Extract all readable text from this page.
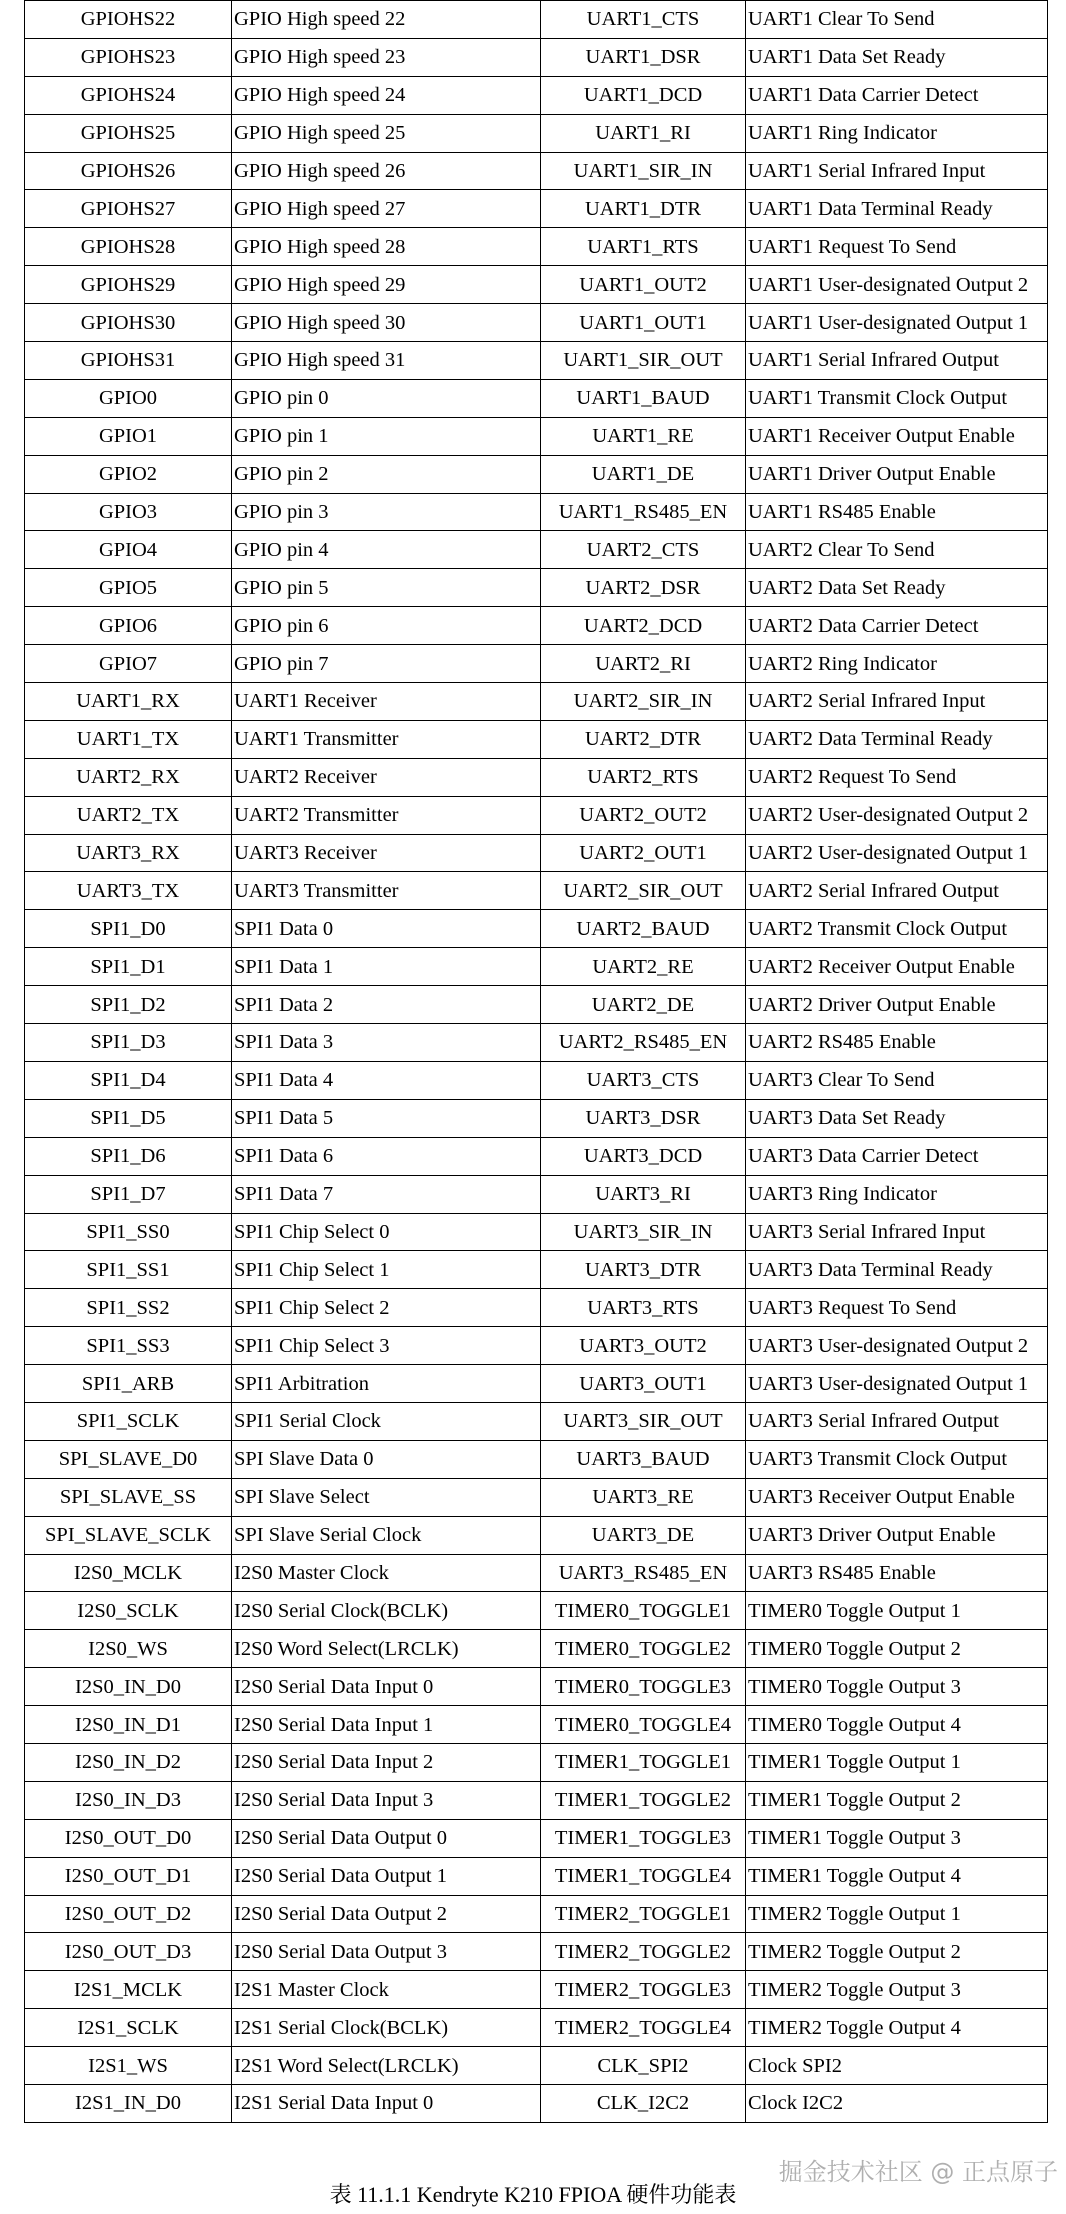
GPIOHS22	GPIO High speed 22	UART1_CTS	UART1 Clear To Send
GPIOHS23	GPIO High speed 23	UART1_DSR	UART1 Data Set Ready
GPIOHS24	GPIO High speed 24	UART1_DCD	UART1 Data Carrier Detect
GPIOHS25	GPIO High speed 25	UART1_RI	UART1 Ring Indicator
GPIOHS26	GPIO High speed 26	UART1_SIR_IN	UART1 Serial Infrared Input
GPIOHS27	GPIO High speed 27	UART1_DTR	UART1 Data Terminal Ready
GPIOHS28	GPIO High speed 28	UART1_RTS	UART1 Request To Send
GPIOHS29	GPIO High speed 29	UART1_OUT2	UART1 User-designated Output 2
GPIOHS30	GPIO High speed 30	UART1_OUT1	UART1 User-designated Output 1
GPIOHS31	GPIO High speed 31	UART1_SIR_OUT	UART1 Serial Infrared Output
GPIO0	GPIO pin 0	UART1_BAUD	UART1 Transmit Clock Output
GPIO1	GPIO pin 1	UART1_RE	UART1 Receiver Output Enable
GPIO2	GPIO pin 2	UART1_DE	UART1 Driver Output Enable
GPIO3	GPIO pin 3	UART1_RS485_EN	UART1 RS485 Enable
GPIO4	GPIO pin 4	UART2_CTS	UART2 Clear To Send
GPIO5	GPIO pin 5	UART2_DSR	UART2 Data Set Ready
GPIO6	GPIO pin 6	UART2_DCD	UART2 Data Carrier Detect
GPIO7	GPIO pin 7	UART2_RI	UART2 Ring Indicator
UART1_RX	UART1 Receiver	UART2_SIR_IN	UART2 Serial Infrared Input
UART1_TX	UART1 Transmitter	UART2_DTR	UART2 Data Terminal Ready
UART2_RX	UART2 Receiver	UART2_RTS	UART2 Request To Send
UART2_TX	UART2 Transmitter	UART2_OUT2	UART2 User-designated Output 2
UART3_RX	UART3 Receiver	UART2_OUT1	UART2 User-designated Output 1
UART3_TX	UART3 Transmitter	UART2_SIR_OUT	UART2 Serial Infrared Output
SPI1_D0	SPI1 Data 0	UART2_BAUD	UART2 Transmit Clock Output
SPI1_D1	SPI1 Data 1	UART2_RE	UART2 Receiver Output Enable
SPI1_D2	SPI1 Data 2	UART2_DE	UART2 Driver Output Enable
SPI1_D3	SPI1 Data 3	UART2_RS485_EN	UART2 RS485 Enable
SPI1_D4	SPI1 Data 4	UART3_CTS	UART3 Clear To Send
SPI1_D5	SPI1 Data 5	UART3_DSR	UART3 Data Set Ready
SPI1_D6	SPI1 Data 6	UART3_DCD	UART3 Data Carrier Detect
SPI1_D7	SPI1 Data 7	UART3_RI	UART3 Ring Indicator
SPI1_SS0	SPI1 Chip Select 0	UART3_SIR_IN	UART3 Serial Infrared Input
SPI1_SS1	SPI1 Chip Select 1	UART3_DTR	UART3 Data Terminal Ready
SPI1_SS2	SPI1 Chip Select 2	UART3_RTS	UART3 Request To Send
SPI1_SS3	SPI1 Chip Select 3	UART3_OUT2	UART3 User-designated Output 2
SPI1_ARB	SPI1 Arbitration	UART3_OUT1	UART3 User-designated Output 1
SPI1_SCLK	SPI1 Serial Clock	UART3_SIR_OUT	UART3 Serial Infrared Output
SPI_SLAVE_D0	SPI Slave Data 0	UART3_BAUD	UART3 Transmit Clock Output
SPI_SLAVE_SS	SPI Slave Select	UART3_RE	UART3 Receiver Output Enable
SPI_SLAVE_SCLK	SPI Slave Serial Clock	UART3_DE	UART3 Driver Output Enable
I2S0_MCLK	I2S0 Master Clock	UART3_RS485_EN	UART3 RS485 Enable
I2S0_SCLK	I2S0 Serial Clock(BCLK)	TIMER0_TOGGLE1	TIMER0 Toggle Output 1
I2S0_WS	I2S0 Word Select(LRCLK)	TIMER0_TOGGLE2	TIMER0 Toggle Output 2
I2S0_IN_D0	I2S0 Serial Data Input 0	TIMER0_TOGGLE3	TIMER0 Toggle Output 3
I2S0_IN_D1	I2S0 Serial Data Input 1	TIMER0_TOGGLE4	TIMER0 Toggle Output 4
I2S0_IN_D2	I2S0 Serial Data Input 2	TIMER1_TOGGLE1	TIMER1 Toggle Output 1
I2S0_IN_D3	I2S0 Serial Data Input 3	TIMER1_TOGGLE2	TIMER1 Toggle Output 2
I2S0_OUT_D0	I2S0 Serial Data Output 0	TIMER1_TOGGLE3	TIMER1 Toggle Output 3
I2S0_OUT_D1	I2S0 Serial Data Output 1	TIMER1_TOGGLE4	TIMER1 Toggle Output 4
I2S0_OUT_D2	I2S0 Serial Data Output 2	TIMER2_TOGGLE1	TIMER2 Toggle Output 1
I2S0_OUT_D3	I2S0 Serial Data Output 3	TIMER2_TOGGLE2	TIMER2 Toggle Output 2
I2S1_MCLK	I2S1 Master Clock	TIMER2_TOGGLE3	TIMER2 Toggle Output 3
I2S1_SCLK	I2S1 Serial Clock(BCLK)	TIMER2_TOGGLE4	TIMER2 Toggle Output 4
I2S1_WS	I2S1 Word Select(LRCLK)	CLK_SPI2	Clock SPI2
I2S1_IN_D0	I2S1 Serial Data Input 0	CLK_I2C2	Clock I2C2
表 11.1.1 Kendryte K210 FPIOA 硬件功能表
掘金技术社区 @ 正点原子
